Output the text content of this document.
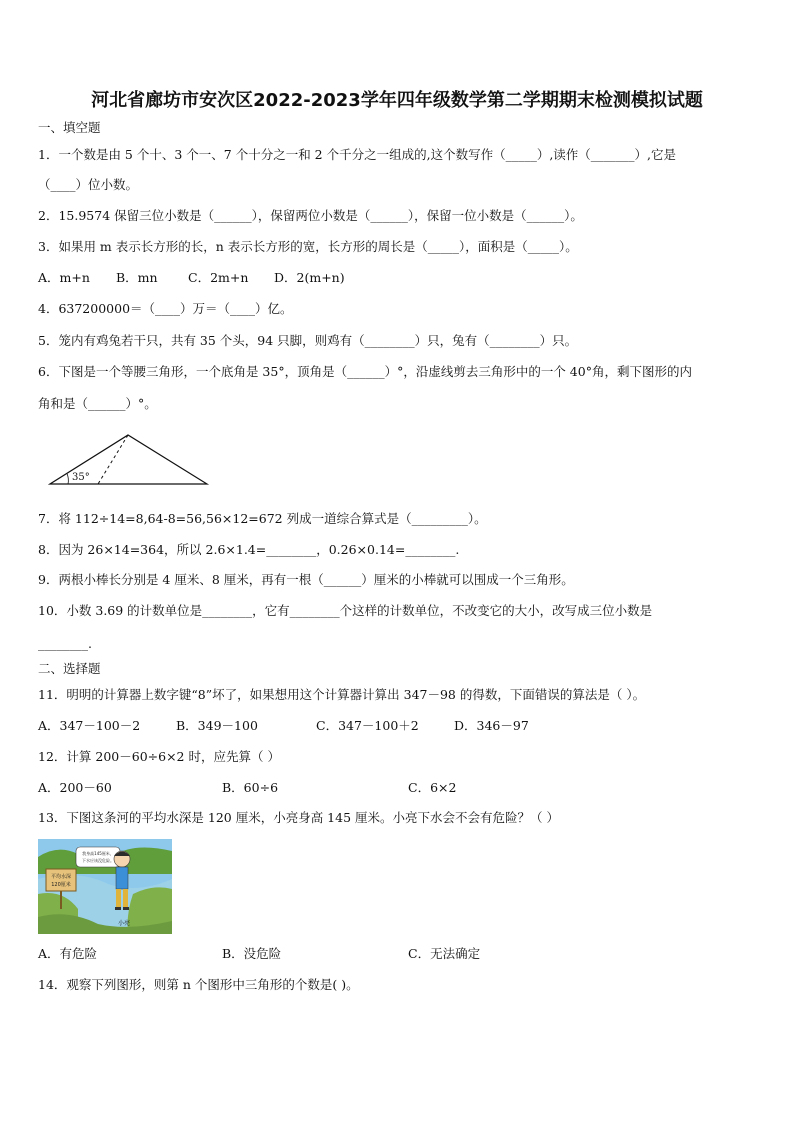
河北省廊坊市安次区2022-2023学年四年级数学第二学期期末检测模拟试题
一、填空题
1．一个数是由 5 个十、3 个一、7 个十分之一和 2 个千分之一组成的,这个数写作（_____）,读作（_______）,它是
（____）位小数。
2．15.9574 保留三位小数是（______），保留两位小数是（______），保留一位小数是（______）。
3．如果用 m 表示长方形的长，n 表示长方形的宽，长方形的周长是（_____），面积是（_____）。
A．m+n B．mn C．2m+n D．2(m+n)
4．637200000＝（____）万＝（____）亿。
5．笼内有鸡兔若干只，共有 35 个头，94 只脚，则鸡有（________）只，兔有（________）只。
6．下图是一个等腰三角形，一个底角是 35°，顶角是（______）°，沿虚线剪去三角形中的一个 40°角，剩下图形的内
角和是（______）°。
35°
7．将 112÷14=8,64-8=56,56×12=672 列成一道综合算式是（_________）。
8．因为 26×14=364，所以 2.6×1.4=________，0.26×0.14=________.
9．两根小棒长分别是 4 厘米、8 厘米，再有一根（______）厘米的小棒就可以围成一个三角形。
10．小数 3.69 的计数单位是________，它有________个这样的计数单位，不改变它的大小，改写成三位小数是
________.
二、选择题
11．明明的计算器上数字键“8”坏了，如果想用这个计算器计算出 347－98 的得数，下面错误的算法是（ ）。
A．347－100－2	B．349－100	C．347－100＋2	D．346－97
12．计算 200－60÷6×2 时，应先算（ ）
A．200－60	B．60÷6	C．6×2
13．下图这条河的平均水深是 120 厘米，小亮身高 145 厘米。小亮下水会不会有危险？（ ）
平均水深
120厘米
我身高145厘米，
下水应该没危险。
小亮
A．有危险	B．没危险	C．无法确定
14．观察下列图形，则第 n 个图形中三角形的个数是( )。
